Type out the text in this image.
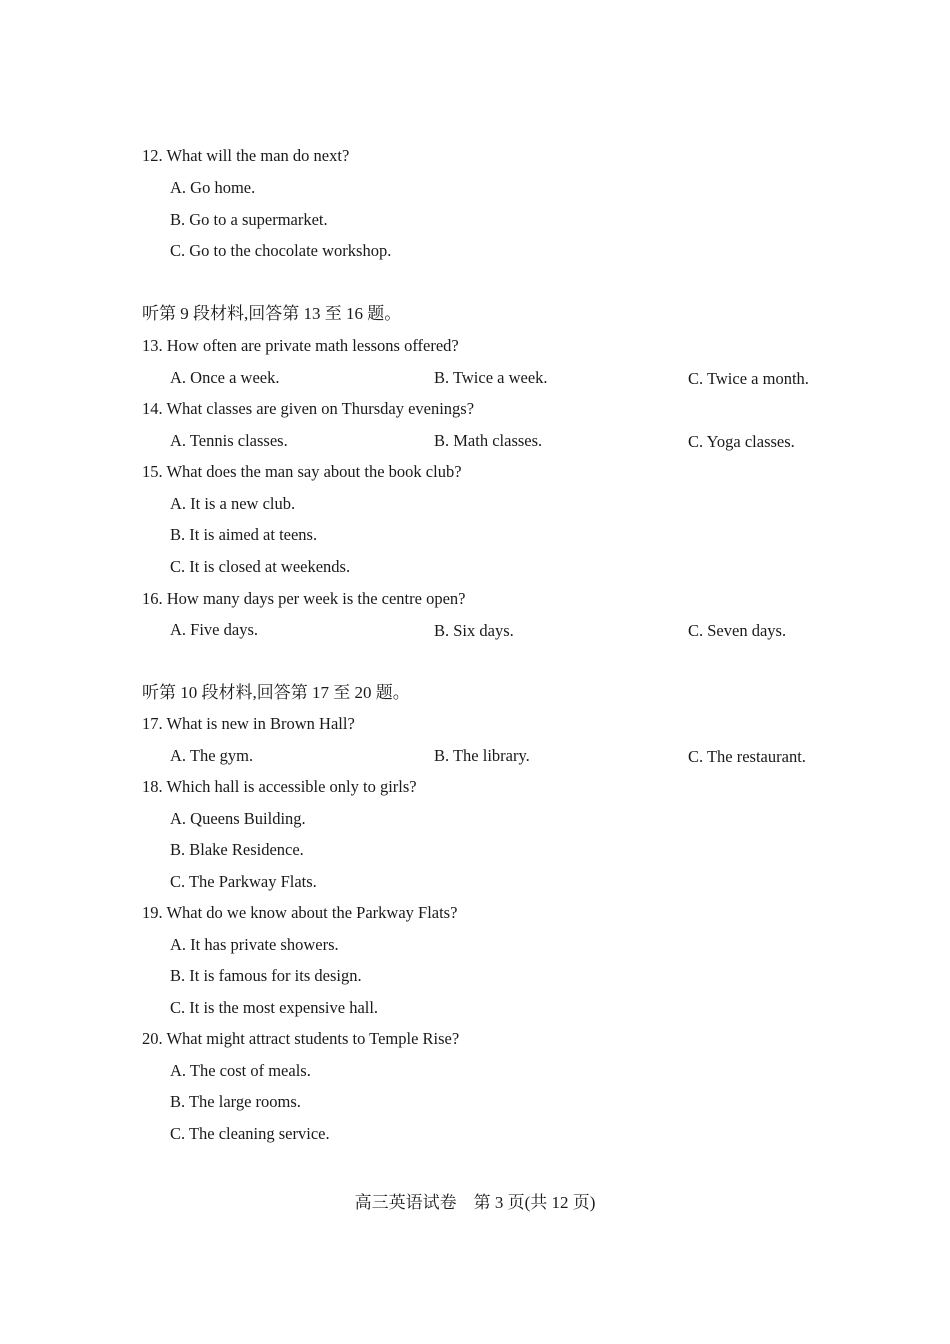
12. What will the man do next?
A. Go home.
B. Go to a supermarket.
C. Go to the chocolate workshop.
听第 9 段材料,回答第 13 至 16 题。
13. How often are private math lessons offered?
A. Once a week.	B. Twice a week.	C. Twice a month.
14. What classes are given on Thursday evenings?
A. Tennis classes.	B. Math classes.	C. Yoga classes.
15. What does the man say about the book club?
A. It is a new club.
B. It is aimed at teens.
C. It is closed at weekends.
16. How many days per week is the centre open?
A. Five days.	B. Six days.	C. Seven days.
听第 10 段材料,回答第 17 至 20 题。
17. What is new in Brown Hall?
A. The gym.	B. The library.	C. The restaurant.
18. Which hall is accessible only to girls?
A. Queens Building.
B. Blake Residence.
C. The Parkway Flats.
19. What do we know about the Parkway Flats?
A. It has private showers.
B. It is famous for its design.
C. It is the most expensive hall.
20. What might attract students to Temple Rise?
A. The cost of meals.
B. The large rooms.
C. The cleaning service.
高三英语试卷　第 3 页(共 12 页)
